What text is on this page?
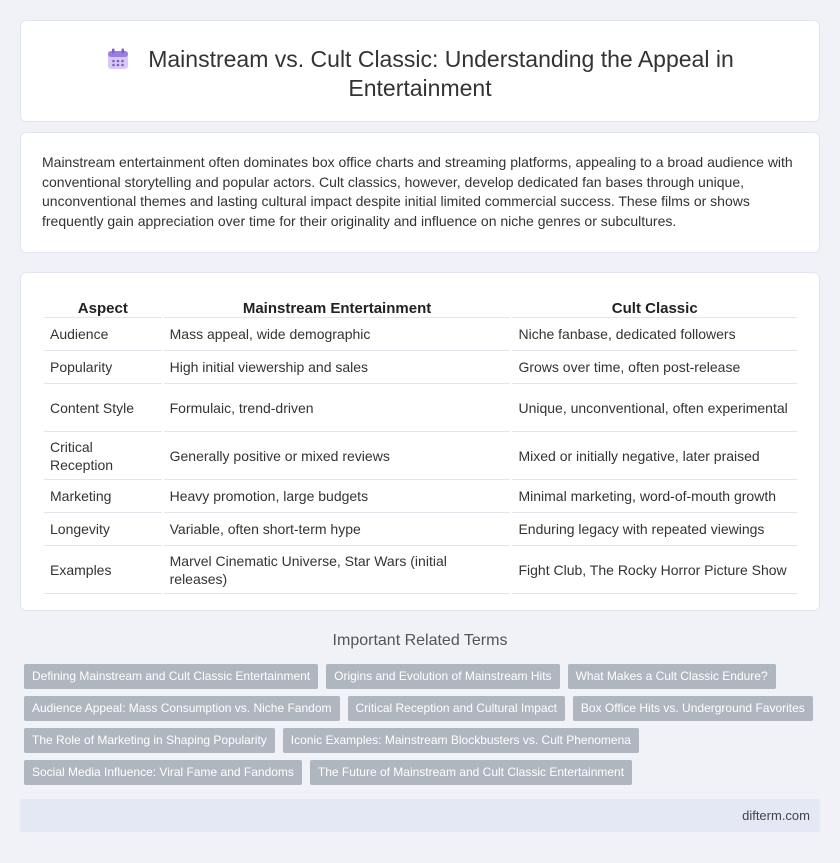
Mainstream vs. Cult Classic: Understanding the Appeal in Entertainment

Mainstream entertainment often dominates box office charts and streaming platforms, appealing to a broad audience with conventional storytelling and popular actors. Cult classics, however, develop dedicated fan bases through unique, unconventional themes and lasting cultural impact despite initial limited commercial success. These films or shows frequently gain appreciation over time for their originality and influence on niche genres or subcultures.

Aspect	Mainstream Entertainment	Cult Classic
Audience	Mass appeal, wide demographic	Niche fanbase, dedicated followers
Popularity	High initial viewership and sales	Grows over time, often post-release
Content Style	Formulaic, trend-driven	Unique, unconventional, often experimental
Critical Reception	Generally positive or mixed reviews	Mixed or initially negative, later praised
Marketing	Heavy promotion, large budgets	Minimal marketing, word-of-mouth growth
Longevity	Variable, often short-term hype	Enduring legacy with repeated viewings
Examples	Marvel Cinematic Universe, Star Wars (initial releases)	Fight Club, The Rocky Horror Picture Show
Important Related Terms
Defining Mainstream and Cult Classic Entertainment	Origins and Evolution of Mainstream Hits	What Makes a Cult Classic Endure?
Audience Appeal: Mass Consumption vs. Niche Fandom	Critical Reception and Cultural Impact	Box Office Hits vs. Underground Favorites
The Role of Marketing in Shaping Popularity	Iconic Examples: Mainstream Blockbusters vs. Cult Phenomena
Social Media Influence: Viral Fame and Fandoms	The Future of Mainstream and Cult Classic Entertainment
difterm.com
